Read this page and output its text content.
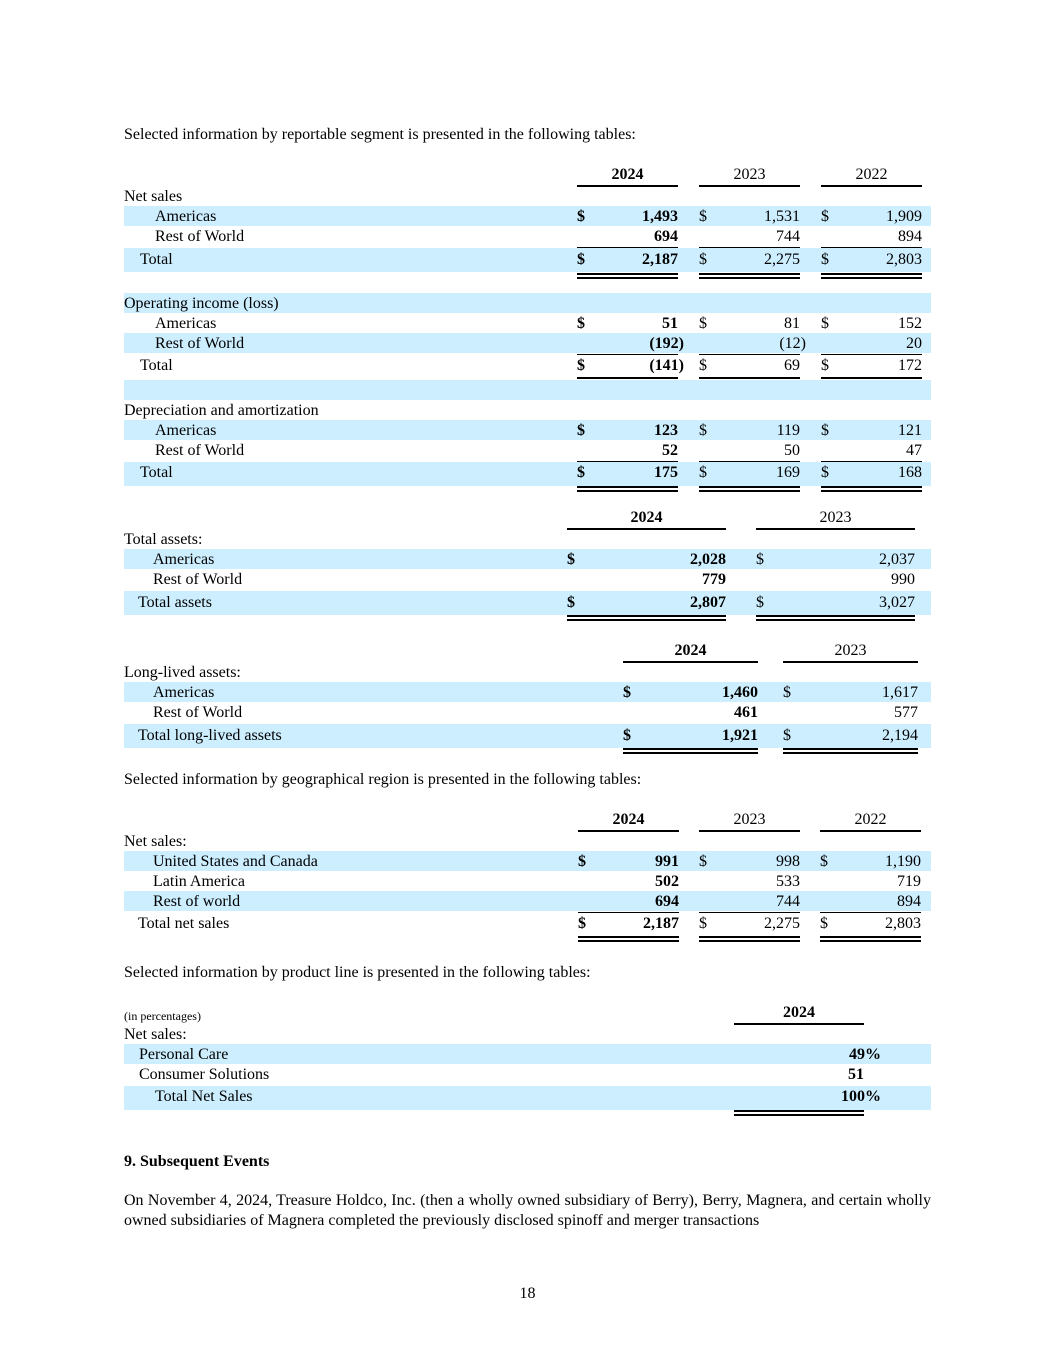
Selected information by reportable segment is presented in the following tables:
2024	2023	2022
Net sales
Americas	$	1,493 $	1,531 $	1,909
Rest of World	694	744	894
Total	$	2,187 $	2,275 $	2,803
Operating income (loss)
Americas	$	51 $	81 $	152
Rest of World	(192)	(12)	20
Total	$	(141) $	69 $	172
Depreciation and amortization
Americas	$	123 $	119 $	121
Rest of World	52	50	47
Total	$	175 $	169 $	168
2024	2023
Total assets:
Americas	$	2,028 $	2,037
Rest of World	779	990
Total assets	$	2,807 $	3,027
2024	2023
Long-lived assets:
Americas	$	1,460 $	1,617
Rest of World	461	577
Total long-lived assets	$	1,921 $	2,194
Selected information by geographical region is presented in the following tables:
2024	2023	2022
Net sales:
United States and Canada	$	991 $	998 $	1,190
Latin America	502	533	719
Rest of world	694	744	894
Total net sales	$	2,187 $	2,275 $	2,803
Selected information by product line is presented in the following tables:
(in percentages)	2024
Net sales:
Personal Care	49%
Consumer Solutions	51
Total Net Sales	100%
9. Subsequent Events
On November 4, 2024, Treasure Holdco, Inc. (then a wholly owned subsidiary of Berry), Berry, Magnera, and certain wholly owned subsidiaries of Magnera completed the previously disclosed spinoff and merger transactions
18
